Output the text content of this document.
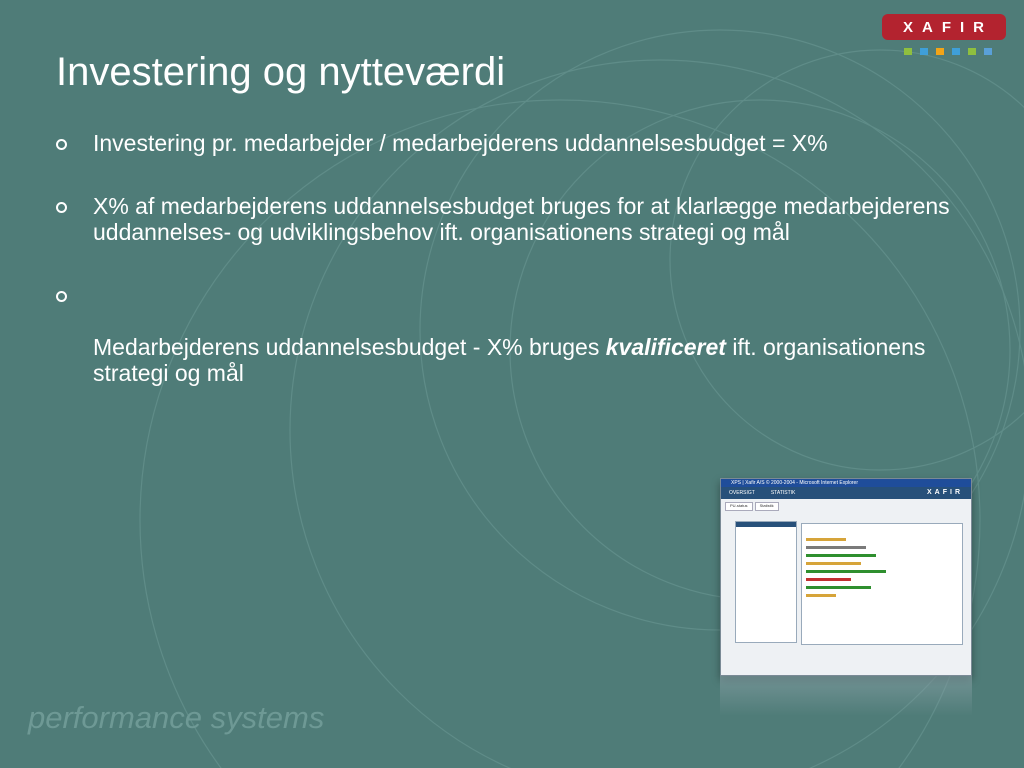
XAFIR
Investering og nytteværdi
Investering pr. medarbejder / medarbejderens uddannelsesbudget = X%
X% af medarbejderens uddannelsesbudget bruges for at klarlægge medarbejderens uddannelses- og udviklingsbehov ift. organisationens strategi og mål

Medarbejderens uddannelsesbudget - X% bruges kvalificeret ift. organisationens
strategi og mål

performance systems
XPS | Xafir A/S © 2000-2004 - Microsoft Internet Explorer
OVERSIGT	STATISTIK	XAFIR
PU-status	Statistik
